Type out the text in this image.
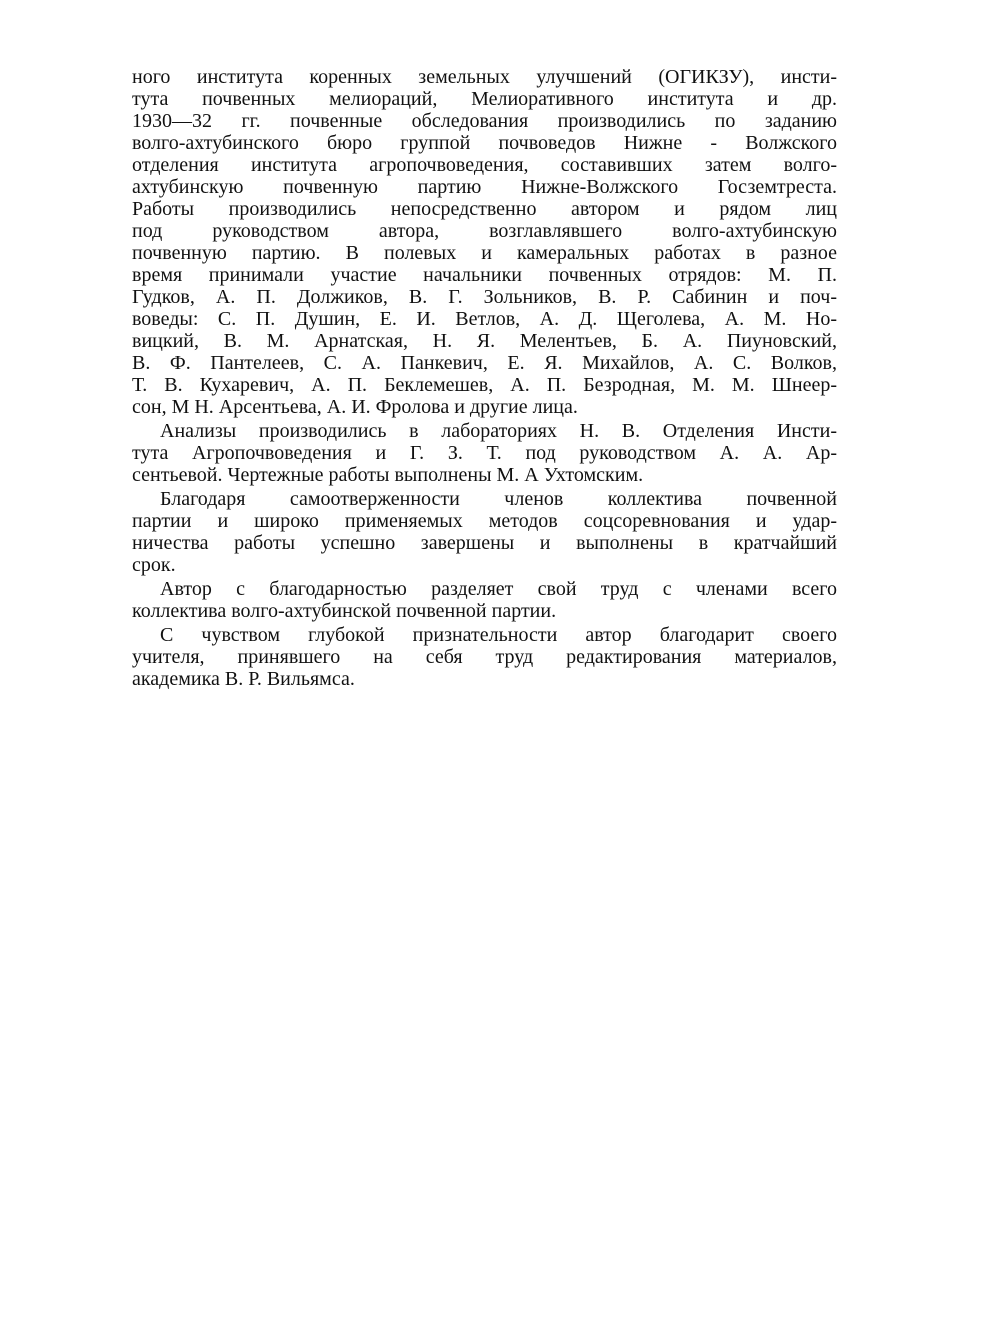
ного института коренных земельных улучшений (ОГИКЗУ), инсти-
тута почвенных мелиораций, Мелиоративного института и др.
1930—32 гг. почвенные обследования производились по заданию
волго-ахтубинского бюро группой почвоведов Нижне - Волжского
отделения института агропочвоведения, составивших затем волго-
ахтубинскую почвенную партию Нижне-Волжского Госземтреста.
Работы производились непосредственно автором и рядом лиц
под руководством автора, возглавлявшего волго-ахтубинскую
почвенную партию. В полевых и камеральных работах в разное
время принимали участие начальники почвенных отрядов: М. П.
Гудков, А. П. Должиков, В. Г. Зольников, В. Р. Сабинин и поч-
воведы: С. П. Душин, Е. И. Ветлов, А. Д. Щеголева, А. М. Но-
вицкий, В. М. Арнатская, Н. Я. Мелентьев, Б. А. Пиуновский,
В. Ф. Пантелеев, С. А. Панкевич, Е. Я. Михайлов, А. С. Волков,
Т. В. Кухаревич, А. П. Беклемешев, А. П. Безродная, М. М. Шнеер-
сон, М Н. Арсентьева, А. И. Фролова и другие лица.
Анализы производились в лабораториях Н. В. Отделения Инсти-
тута Агропочвоведения и Г. З. Т. под руководством А. А. Ар-
сентьевой. Чертежные работы выполнены М. А Ухтомским.
Благодаря самоотверженности членов коллектива почвенной
партии и широко применяемых методов соцсоревнования и удар-
ничества работы успешно завершены и выполнены в кратчайший
срок.
Автор с благодарностью разделяет свой труд с членами всего
коллектива волго-ахтубинской почвенной партии.
С чувством глубокой признательности автор благодарит своего
учителя, принявшего на себя труд редактирования материалов,
академика В. Р. Вильямса.
